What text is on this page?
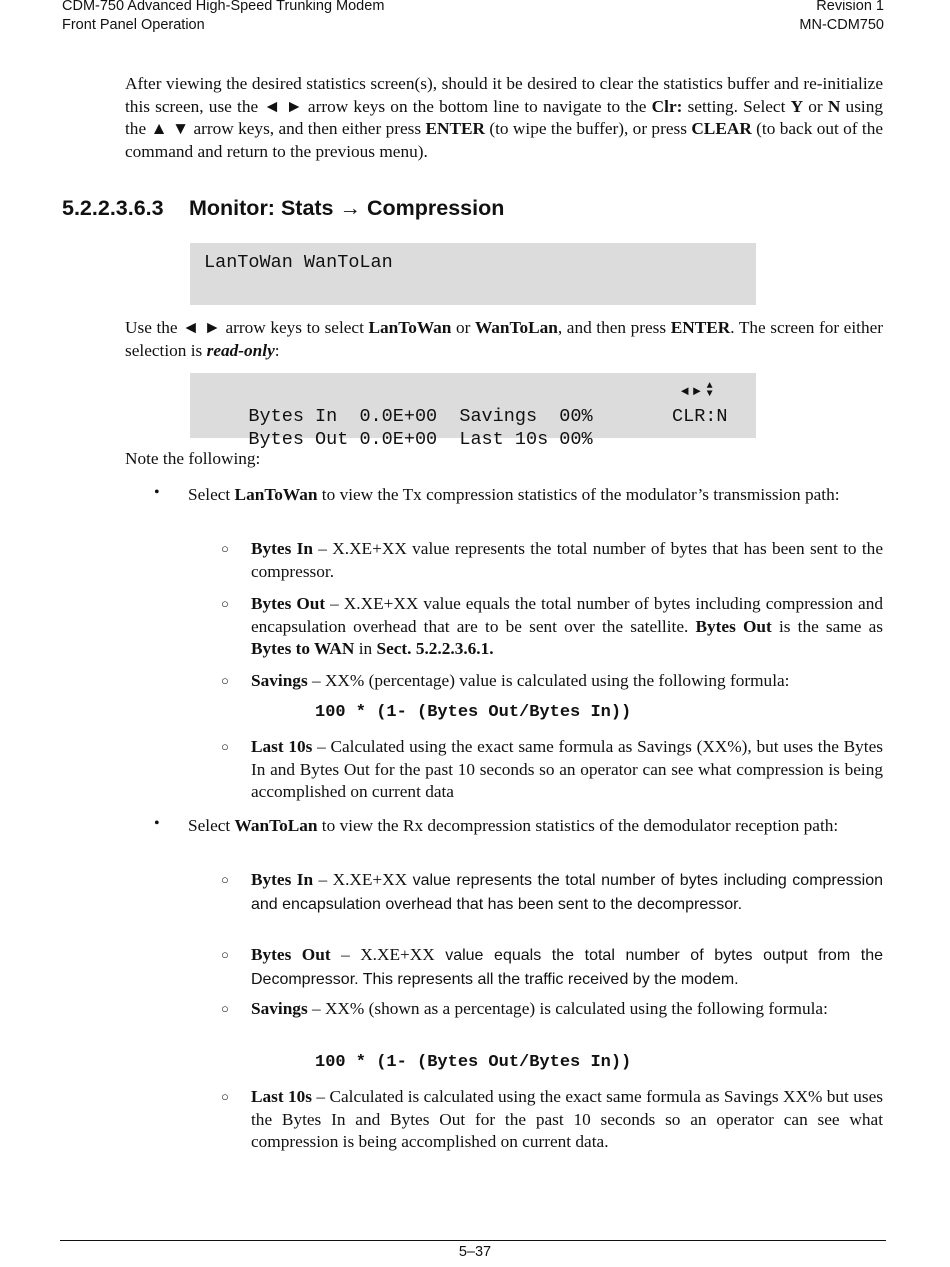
CDM-750 Advanced High-Speed Trunking Modem
Front Panel Operation
Revision 1
MN-CDM750

After viewing the desired statistics screen(s), should it be desired to clear the statistics buffer and re-initialize this screen, use the ◄ ► arrow keys on the bottom line to navigate to the Clr: setting. Select Y or N using the ▲ ▼ arrow keys, and then either press ENTER (to wipe the buffer), or press CLEAR (to back out of the command and return to the previous menu).

5.2.2.3.6.3 Monitor: Stats → Compression
LanToWan WanToLan

Use the ◄ ► arrow keys to select LanToWan or WanToLan, and then press ENTER. The screen for either selection is read-only:

Bytes In  0.0E+00  Savings  00%

◄ ► ▲
▼

Bytes Out 0.0E+00  Last 10s 00%

CLR:N

Note the following:

• Select LanToWan to view the Tx compression statistics of the modulator’s transmission path:

○ Bytes In – X.XE+XX value represents the total number of bytes that has been sent to the compressor.

○ Bytes Out – X.XE+XX value equals the total number of bytes including compression and encapsulation overhead that are to be sent over the satellite. Bytes Out is the same as Bytes to WAN in Sect. 5.2.2.3.6.1.

○ Savings – XX% (percentage) value is calculated using the following formula:

100 * (1- (Bytes Out/Bytes In))
○ Last 10s – Calculated using the exact same formula as Savings (XX%), but uses the Bytes In and Bytes Out for the past 10 seconds so an operator can see what compression is being accomplished on current data

• Select WanToLan to view the Rx decompression statistics of the demodulator reception path:

○ Bytes In – X.XE+XX value represents the total number of bytes including compression and encapsulation overhead that has been sent to the decompressor.

○ Bytes Out – X.XE+XX value equals the total number of bytes output from the Decompressor. This represents all the traffic received by the modem.

○ Savings – XX% (shown as a percentage) is calculated using the following formula:

100 * (1- (Bytes Out/Bytes In))
○ Last 10s – Calculated is calculated using the exact same formula as Savings XX% but uses the Bytes In and Bytes Out for the past 10 seconds so an operator can see what compression is being accomplished on current data.

5–37
